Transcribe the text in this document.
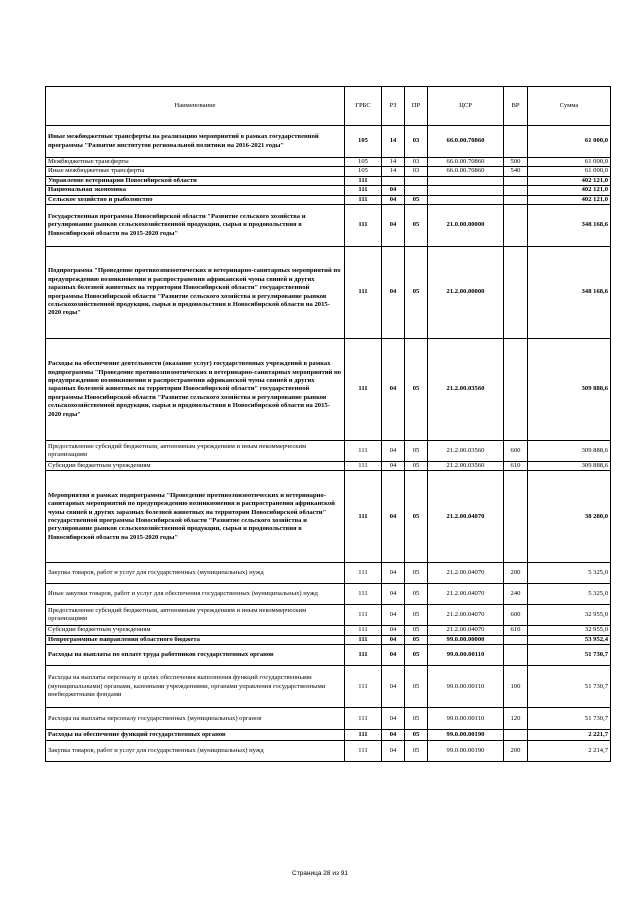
Наименование	ГРБС	РЗ	ПР	ЦСР	ВР	Сумма
Иные межбюджетные трансферты на реализацию мероприятий в рамках государственной программы "Развитие институтов региональной политики на 2016-2021 годы"	105	14	03	66.0.00.70860		61 000,0
Межбюджетные трансферты	105	14	03	66.0.00.70860	500	61 000,0
Иные межбюджетные трансферты	105	14	03	66.0.00.70860	540	61 000,0
Управление ветеринарии Новосибирской области	111					402 121,0
Национальная экономика	111	04				402 121,0
Сельское хозяйство и рыболовство	111	04	05			402 121,0
Государственная программа Новосибирской области "Развитие сельского хозяйства и регулирование рынков сельскохозяйственной продукции, сырья и продовольствия в Новосибирской области на 2015-2020 годы"	111	04	05	21.0.00.00000		348 168,6
Подпрограмма "Проведение противоэпизоотических и ветеринарно-санитарных мероприятий по предупреждению возникновения и распространения африканской чумы свиней и других заразных болезней животных на территории Новосибирской области" государственной программы Новосибирской области "Развитие сельского хозяйства и регулирование рынков сельскохозяйственной продукции, сырья и продовольствия в Новосибирской области на 2015-2020 годы"	111	04	05	21.2.00.00000		348 168,6
Расходы на обеспечение деятельности (оказание услуг) государственных учреждений в рамках подпрограммы "Проведение противоэпизоотических и ветеринарно-санитарных мероприятий по предупреждению возникновения и распространения африканской чумы свиней и других заразных болезней животных на территории Новосибирской области" государственной программы Новосибирской области "Развитие сельского хозяйства и регулирование рынков сельскохозяйственной продукции, сырья и продовольствия в Новосибирской области на 2015-2020 годы"	111	04	05	21.2.00.03560		309 888,6
Предоставление субсидий бюджетным, автономным учреждениям и иным некоммерческим организациям	111	04	05	21.2.00.03560	600	309 888,6
Субсидии бюджетным учреждениям	111	04	05	21.2.00.03560	610	309 888,6
Мероприятия в рамках подпрограммы "Проведение противоэпизоотических и ветеринарно-санитарных мероприятий по предупреждению возникновения и распространения африканской чумы свиней и других заразных болезней животных на территории Новосибирской области" государственной программы Новосибирской области "Развитие сельского хозяйства и регулирование рынков сельскохозяйственной продукции, сырья и продовольствия в Новосибирской области на 2015-2020 годы"	111	04	05	21.2.00.04070		38 280,0
Закупка товаров, работ и услуг для государственных (муниципальных) нужд	111	04	05	21.2.00.04070	200	5 325,0
Иные закупки товаров, работ и услуг для обеспечения государственных (муниципальных) нужд	111	04	05	21.2.00.04070	240	5 325,0
Предоставление субсидий бюджетным, автономным учреждениям и иным некоммерческим организациям	111	04	05	21.2.00.04070	600	32 955,0
Субсидии бюджетным учреждениям	111	04	05	21.2.00.04070	610	32 955,0
Непрограммные направления областного бюджета	111	04	05	99.0.00.00000		53 952,4
Расходы на выплаты по оплате труда работников государственных органов	111	04	05	99.0.00.00110		51 730,7
Расходы на выплаты персоналу в целях обеспечения выполнения функций государственными (муниципальными) органами, казенными учреждениями, органами управления государственными внебюджетными фондами	111	04	05	99.0.00.00110	100	51 730,7
Расходы на выплаты персоналу государственных (муниципальных) органов	111	04	05	99.0.00.00110	120	51 730,7
Расходы на обеспечение функций государственных органов	111	04	05	99.0.00.00190		2 221,7
Закупка товаров, работ и услуг для государственных (муниципальных) нужд	111	04	05	99.0.00.00190	200	2 214,7
Страница 28 из 91
